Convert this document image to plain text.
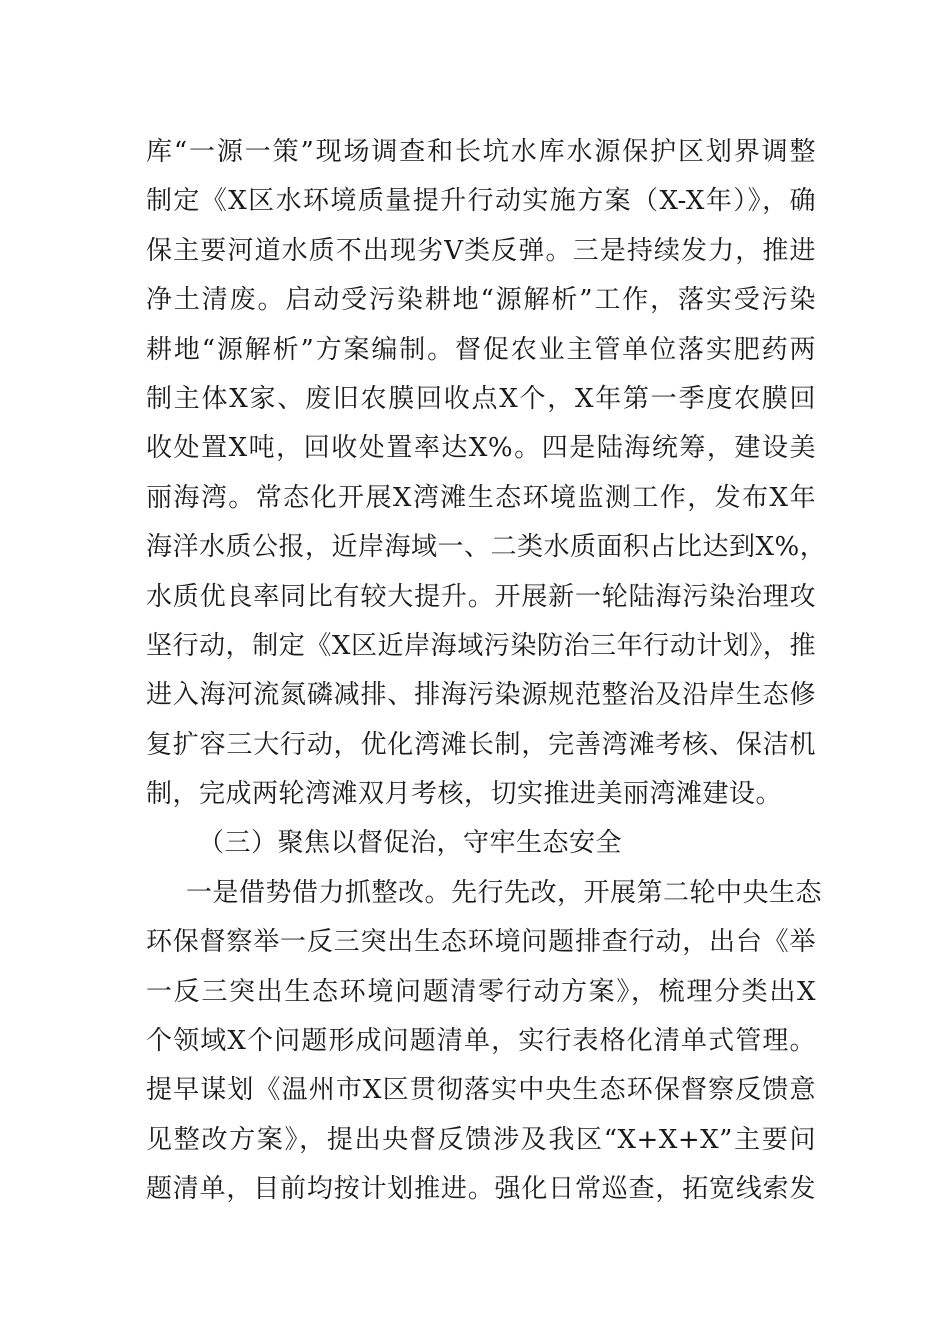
库“一源一策”现场调查和长坑水库水源保护区划界调整
制定《X区水环境质量提升行动实施方案（X-X年）》，确
保主要河道水质不出现劣Ⅴ类反弹。三是持续发力，推进
净土清废。启动受污染耕地“源解析”工作，落实受污染
耕地“源解析”方案编制。督促农业主管单位落实肥药两
制主体X家、废旧农膜回收点X个，X年第一季度农膜回
收处置X吨，回收处置率达X%。四是陆海统筹，建设美
丽海湾。常态化开展X湾滩生态环境监测工作，发布X年
海洋水质公报，近岸海域一、二类水质面积占比达到X%，
水质优良率同比有较大提升。开展新一轮陆海污染治理攻
坚行动，制定《X区近岸海域污染防治三年行动计划》，推
进入海河流氮磷减排、排海污染源规范整治及沿岸生态修
复扩容三大行动，优化湾滩长制，完善湾滩考核、保洁机
制，完成两轮湾滩双月考核，切实推进美丽湾滩建设。
（三）聚焦以督促治，守牢生态安全
一是借势借力抓整改。先行先改，开展第二轮中央生态
环保督察举一反三突出生态环境问题排查行动，出台《举
一反三突出生态环境问题清零行动方案》，梳理分类出X
个领域X个问题形成问题清单，实行表格化清单式管理。
提早谋划《温州市X区贯彻落实中央生态环保督察反馈意
见整改方案》，提出央督反馈涉及我区“X+X+X”主要问
题清单，目前均按计划推进。强化日常巡查，拓宽线索发
